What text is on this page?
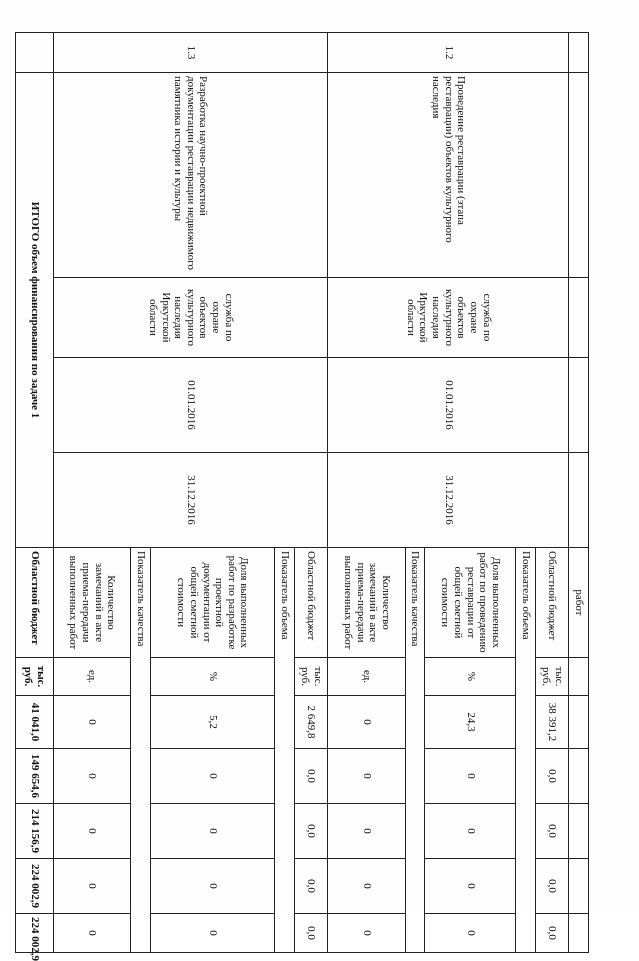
					работ						
1.2	Проведение реставрации (этапа реставрации) объектов культурного наследия	служба по охране объектов культурного наследия Иркутской области	01.01.2016	31.12.2016	Областной бюджет	тыс. руб.	38 391,2	0,0	0,0	0,0	0,0
					Показатель объема						
					Доля выполненных работ по проведению реставрации от общей сметной стоимости	%	24,3	0	0	0	0
					Показатель качества						
					Количество замечаний в акте приема-передачи выполненных работ	ед.	0	0	0	0	0
1.3	Разработка научно-проектной документации реставрации недвижимого памятника истории и культуры	служба по охране объектов культурного наследия Иркутской области	01.01.2016	31.12.2016	Областной бюджет	тыс. руб.	2 649,8	0,0	0,0	0,0	0,0
					Показатель объема						
					Доля выполненных работ по разработке проектной документации от общей сметной стоимости	%	5,2	0	0	0	0
					Показатель качества						
					Количество замечаний в акте приема-передачи выполненных работ	ед.	0	0	0	0	0
	ИТОГО объем финансирования по задаче 1				Областной бюджет	тыс. руб.	41 041,0	149 654,6	214 156,9	224 002,9	224 002,9
